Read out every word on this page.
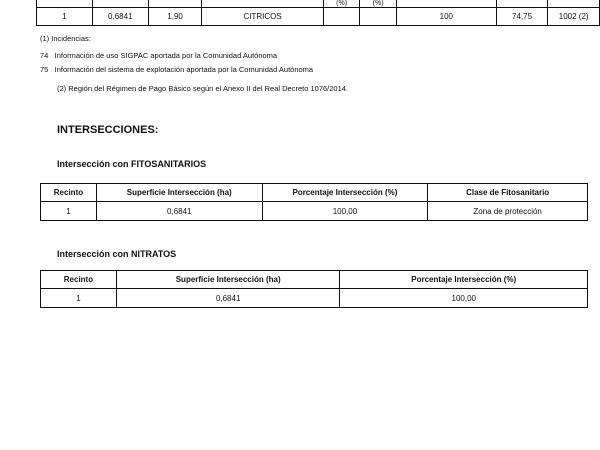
				(%)	(%)			
1	0,6841	1,90	CITRICOS			100	74,75	1002 (2)
(1) Incidencias:
74 Información de uso SIGPAC aportada por la Comunidad Autónoma
75 Información del sistema de explotación aportada por la Comunidad Autónoma
(2) Región del Régimen de Pago Básico según el Anexo II del Real Decreto 1076/2014.
INTERSECCIONES:
Intersección con FITOSANITARIOS
Recinto	Superficie Intersección (ha)	Porcentaje Intersección (%)	Clase de Fitosanitario
1	0,6841	100,00	Zona de protección
Intersección con NITRATOS
Recinto	Superficie Intersección (ha)	Porcentaje Intersección (%)
1	0,6841	100,00
